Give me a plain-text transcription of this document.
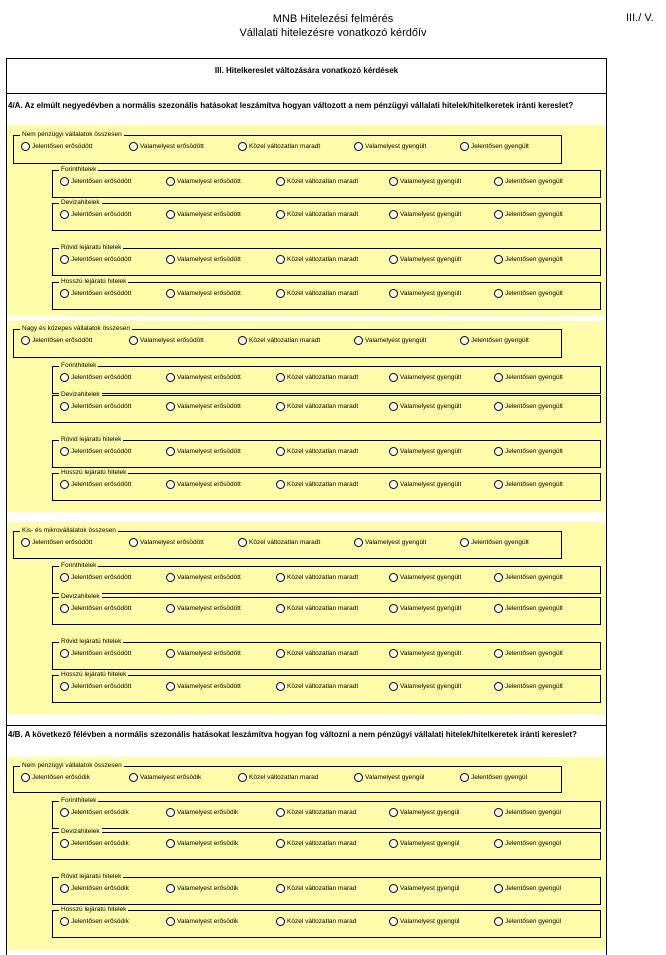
MNB Hitelezési felmérés
Vállalati hitelezésre vonatkozó kérdőív
III./ V.
III. Hitelkereslet változására vonatkozó kérdések
4/A. Az elmúlt negyedévben a normális szezonális hatásokat leszámítva hogyan változott a nem pénzügyi vállalati hitelek/hitelkeretek iránti kereslet?
4/B. A következő félévben a normális szezonális hatásokat leszámítva hogyan fog változni a nem pénzügyi vállalati hitelek/hitelkeretek iránti kereslet?
Nem pénzügyi vállalatok összesen
Jelentősen erősödött	Valamelyest erősödött	Közel változatlan maradt	Valamelyest gyengült	Jelentősen gyengült
Forinthitelek
Jelentősen erősödött	Valamelyest erősödött	Közel változatlan maradt	Valamelyest gyengült	Jelentősen gyengült
Devizahitelek
Jelentősen erősödött	Valamelyest erősödött	Közel változatlan maradt	Valamelyest gyengült	Jelentősen gyengült
Rövid lejáratú hitelek
Jelentősen erősödött	Valamelyest erősödött	Közel változatlan maradt	Valamelyest gyengült	Jelentősen gyengült
Hosszú lejáratú hitelek
Jelentősen erősödött	Valamelyest erősödött	Közel változatlan maradt	Valamelyest gyengült	Jelentősen gyengült
Nagy és közepes vállalatok összesen
Jelentősen erősödött	Valamelyest erősödött	Közel változatlan maradt	Valamelyest gyengült	Jelentősen gyengült
Forinthitelek
Jelentősen erősödött	Valamelyest erősödött	Közel változatlan maradt	Valamelyest gyengült	Jelentősen gyengült
Devizahitelek
Jelentősen erősödött	Valamelyest erősödött	Közel változatlan maradt	Valamelyest gyengült	Jelentősen gyengült
Rövid lejáratú hitelek
Jelentősen erősödött	Valamelyest erősödött	Közel változatlan maradt	Valamelyest gyengült	Jelentősen gyengült
Hosszú lejáratú hitelek
Jelentősen erősödött	Valamelyest erősödött	Közel változatlan maradt	Valamelyest gyengült	Jelentősen gyengült
Kis- és mikrovállalatok összesen
Jelentősen erősödött	Valamelyest erősödött	Közel változatlan maradt	Valamelyest gyengült	Jelentősen gyengült
Forinthitelek
Jelentősen erősödött	Valamelyest erősödött	Közel változatlan maradt	Valamelyest gyengült	Jelentősen gyengült
Devizahitelek
Jelentősen erősödött	Valamelyest erősödött	Közel változatlan maradt	Valamelyest gyengült	Jelentősen gyengült
Rövid lejáratú hitelek
Jelentősen erősödött	Valamelyest erősödött	Közel változatlan maradt	Valamelyest gyengült	Jelentősen gyengült
Hosszú lejáratú hitelek
Jelentősen erősödött	Valamelyest erősödött	Közel változatlan maradt	Valamelyest gyengült	Jelentősen gyengült
Nem pénzügyi vállalatok összesen
Jelentősen erősödik	Valamelyest erősödik	Közel változatlan marad	Valamelyest gyengül	Jelentősen gyengül
Forinthitelek
Jelentősen erősödik	Valamelyest erősödik	Közel változatlan marad	Valamelyest gyengül	Jelentősen gyengül
Devizahitelek
Jelentősen erősödik	Valamelyest erősödik	Közel változatlan marad	Valamelyest gyengül	Jelentősen gyengül
Rövid lejáratú hitelek
Jelentősen erősödik	Valamelyest erősödik	Közel változatlan marad	Valamelyest gyengül	Jelentősen gyengül
Hosszú lejáratú hitelek
Jelentősen erősödik	Valamelyest erősödik	Közel változatlan marad	Valamelyest gyengül	Jelentősen gyengül
